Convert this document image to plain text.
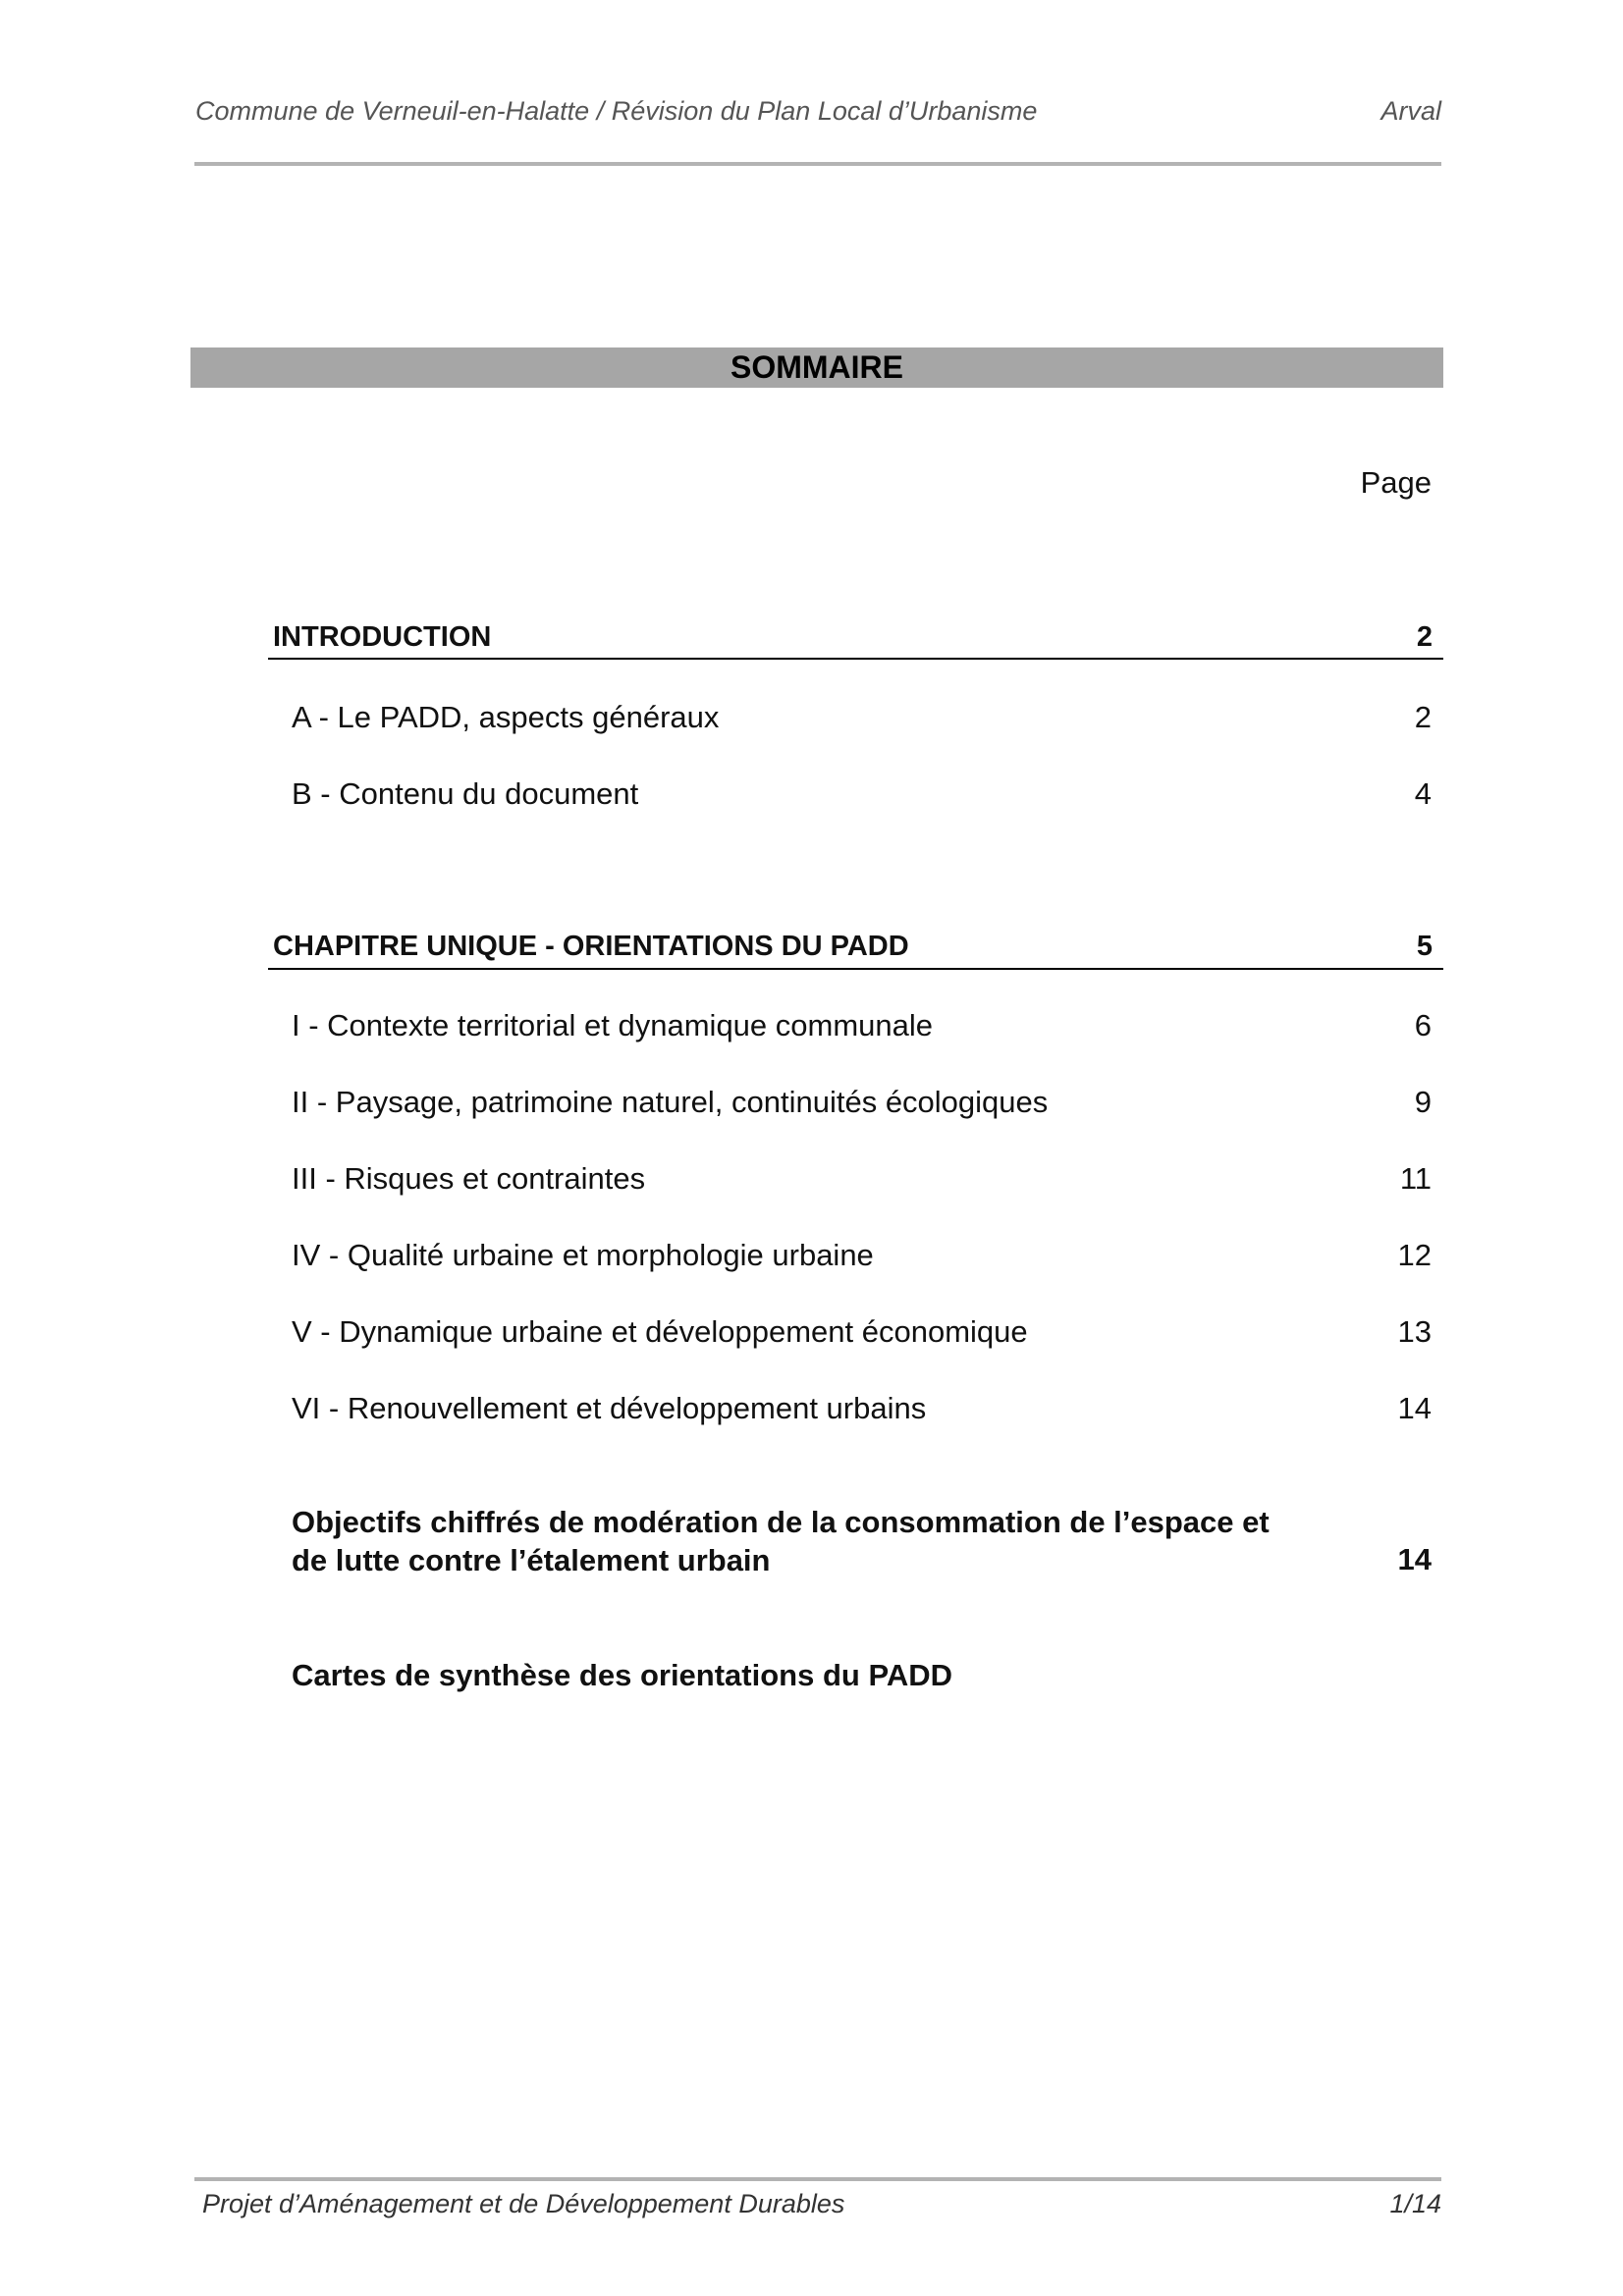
Commune de Verneuil-en-Halatte / Révision du Plan Local d’Urbanisme	Arval
SOMMAIRE
Page
INTRODUCTION	2
A - Le PADD, aspects généraux	2
B - Contenu du document	4
CHAPITRE UNIQUE - ORIENTATIONS DU PADD	5
I - Contexte territorial et dynamique communale	6
II - Paysage, patrimoine naturel, continuités écologiques	9
III - Risques et contraintes	11
IV - Qualité urbaine et morphologie urbaine	12
V - Dynamique urbaine et développement économique	13
VI - Renouvellement et développement urbains	14
Objectifs chiffrés de modération de la consommation de l’espace et
de lutte contre l’étalement urbain	14
Cartes de synthèse des orientations du PADD
Projet d’Aménagement et de Développement Durables	1/14
